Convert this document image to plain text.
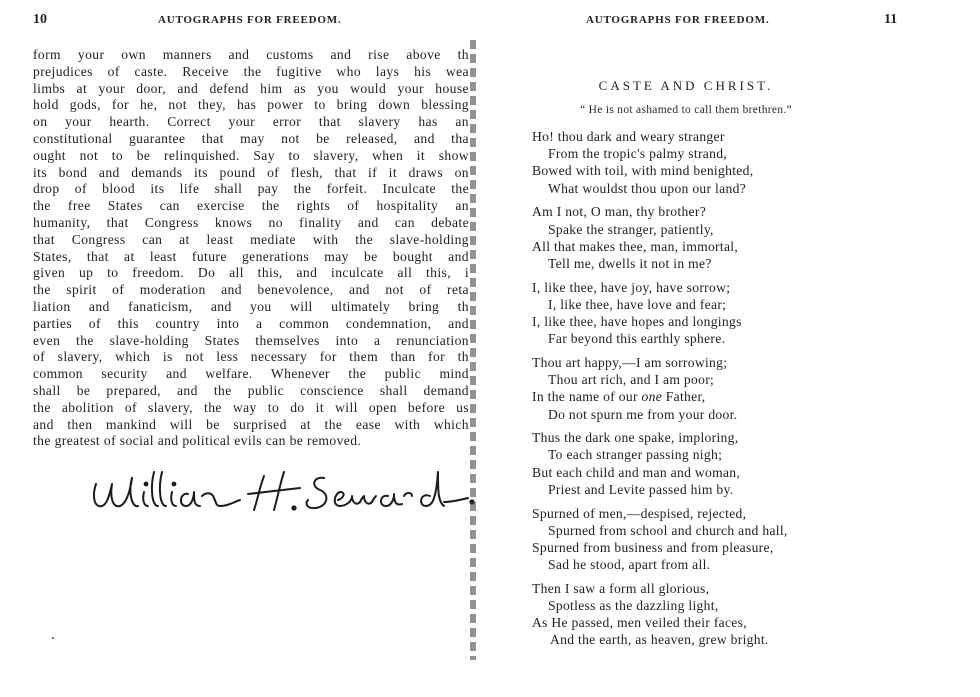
10	AUTOGRAPHS FOR FREEDOM.
form your own manners and customs and rise above th
prejudices of caste. Receive the fugitive who lays his wea
limbs at your door, and defend him as you would your house
hold gods, for he, not they, has power to bring down blessing
on your hearth. Correct your error that slavery has an
constitutional guarantee that may not be released, and tha
ought not to be relinquished. Say to slavery, when it show
its bond and demands its pound of flesh, that if it draws on
drop of blood its life shall pay the forfeit. Inculcate the
the free States can exercise the rights of hospitality an
humanity, that Congress knows no finality and can debate
that Congress can at least mediate with the slave-holding
States, that at least future generations may be bought and
given up to freedom. Do all this, and inculcate all this, i
the spirit of moderation and benevolence, and not of reta
liation and fanaticism, and you will ultimately bring th
parties of this country into a common condemnation, and
even the slave-holding States themselves into a renunciation
of slavery, which is not less necessary for them than for th
common security and welfare. Whenever the public mind
shall be prepared, and the public conscience shall demand
the abolition of slavery, the way to do it will open before us
and then mankind will be surprised at the ease with which
the greatest of social and political evils can be removed.
AUTOGRAPHS FOR FREEDOM.	11
CASTE AND CHRIST.
“ He is not ashamed to call them brethren.”
Ho! thou dark and weary stranger
From the tropic's palmy strand,
Bowed with toil, with mind benighted,
What wouldst thou upon our land?
Am I not, O man, thy brother?
Spake the stranger, patiently,
All that makes thee, man, immortal,
Tell me, dwells it not in me?
I, like thee, have joy, have sorrow;
I, like thee, have love and fear;
I, like thee, have hopes and longings
Far beyond this earthly sphere.
Thou art happy,—I am sorrowing;
Thou art rich, and I am poor;
In the name of our one Father,
Do not spurn me from your door.
Thus the dark one spake, imploring,
To each stranger passing nigh;
But each child and man and woman,
Priest and Levite passed him by.
Spurned of men,—despised, rejected,
Spurned from school and church and hall,
Spurned from business and from pleasure,
Sad he stood, apart from all.
Then I saw a form all glorious,
Spotless as the dazzling light,
As He passed, men veiled their faces,
And the earth, as heaven, grew bright.
